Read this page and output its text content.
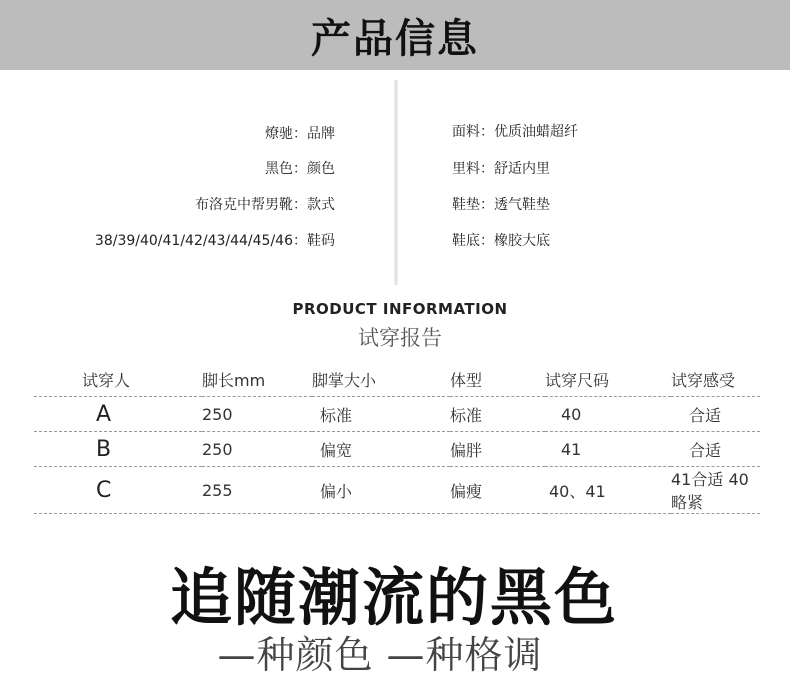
产品信息
燎驰：品牌
黑色：颜色
布洛克中帮男靴：款式
38/39/40/41/42/43/44/45/46：鞋码
面料：优质油蜡超纤
里料：舒适内里
鞋垫：透气鞋垫
鞋底：橡胶大底
PRODUCT INFORMATION
试穿报告
试穿人	脚长mm	脚掌大小	体型	试穿尺码	试穿感受
A	250	标准	标准	40	合适
B	250	偏宽	偏胖	41	合适
C	255	偏小	偏瘦	40、41	41合适 40略紧
追随潮流的黑色
—种颜色 —种格调
